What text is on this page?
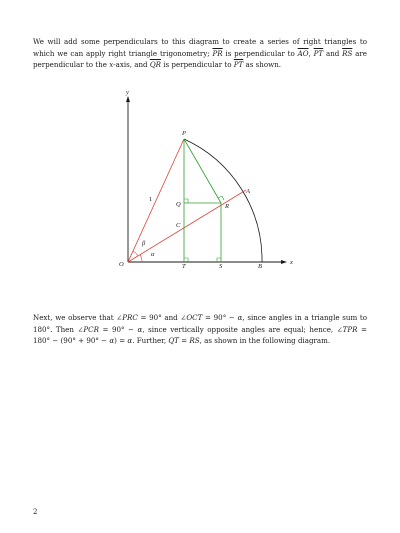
We will add some perpendiculars to this diagram to create a series of right triangles to which we can apply right triangle trigonometry; $\overline{PR}$ is perpendicular to $\overline{AO}$, $\overline{PT}$ and $\overline{RS}$ are perpendicular to the x-axis, and $\overline{QR}$ is perpendicular to $\overline{PT}$ as shown.

y
x
P
A
Q	R
C
1
β
α
O	T	S	B

Next, we observe that ∠PRC = 90° and ∠OCT = 90° − α, since angles in a triangle sum to 180°. Then ∠PCR = 90° − α, since vertically opposite angles are equal; hence, ∠TPR = 180° − (90° + 90° − α) = α. Further, QT = RS, as shown in the following diagram.

2
